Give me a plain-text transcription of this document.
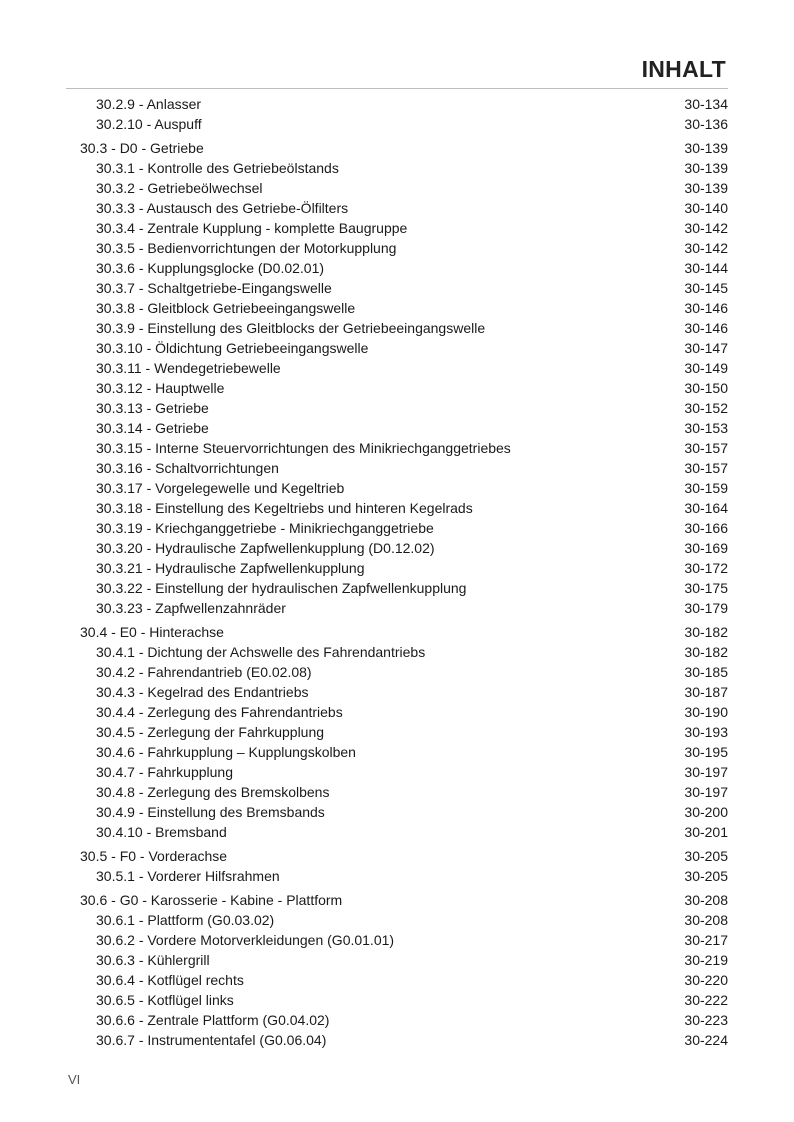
INHALT
30.2.9 - Anlasser	30-134
30.2.10 - Auspuff	30-136
30.3 - D0 - Getriebe	30-139
30.3.1 - Kontrolle des Getriebeölstands	30-139
30.3.2 - Getriebeölwechsel	30-139
30.3.3 - Austausch des Getriebe-Ölfilters	30-140
30.3.4 - Zentrale Kupplung - komplette Baugruppe	30-142
30.3.5 - Bedienvorrichtungen der Motorkupplung	30-142
30.3.6 - Kupplungsglocke (D0.02.01)	30-144
30.3.7 - Schaltgetriebe-Eingangswelle	30-145
30.3.8 - Gleitblock Getriebeeingangswelle	30-146
30.3.9 - Einstellung des Gleitblocks der Getriebeeingangswelle	30-146
30.3.10 - Öldichtung Getriebeeingangswelle	30-147
30.3.11 - Wendegetriebewelle	30-149
30.3.12 - Hauptwelle	30-150
30.3.13 - Getriebe	30-152
30.3.14 - Getriebe	30-153
30.3.15 - Interne Steuervorrichtungen des Minikriechganggetriebes	30-157
30.3.16 - Schaltvorrichtungen	30-157
30.3.17 - Vorgelegewelle und Kegeltrieb	30-159
30.3.18 - Einstellung des Kegeltriebs und hinteren Kegelrads	30-164
30.3.19 - Kriechganggetriebe - Minikriechganggetriebe	30-166
30.3.20 - Hydraulische Zapfwellenkupplung (D0.12.02)	30-169
30.3.21 - Hydraulische Zapfwellenkupplung	30-172
30.3.22 - Einstellung der hydraulischen Zapfwellenkupplung	30-175
30.3.23 - Zapfwellenzahnräder	30-179
30.4 - E0 - Hinterachse	30-182
30.4.1 - Dichtung der Achswelle des Fahrendantriebs	30-182
30.4.2 - Fahrendantrieb (E0.02.08)	30-185
30.4.3 - Kegelrad des Endantriebs	30-187
30.4.4 - Zerlegung des Fahrendantriebs	30-190
30.4.5 - Zerlegung der Fahrkupplung	30-193
30.4.6 - Fahrkupplung – Kupplungskolben	30-195
30.4.7 - Fahrkupplung	30-197
30.4.8 - Zerlegung des Bremskolbens	30-197
30.4.9 - Einstellung des Bremsbands	30-200
30.4.10 - Bremsband	30-201
30.5 - F0 - Vorderachse	30-205
30.5.1 - Vorderer Hilfsrahmen	30-205
30.6 - G0 - Karosserie - Kabine - Plattform	30-208
30.6.1 - Plattform (G0.03.02)	30-208
30.6.2 - Vordere Motorverkleidungen (G0.01.01)	30-217
30.6.3 - Kühlergrill	30-219
30.6.4 - Kotflügel rechts	30-220
30.6.5 - Kotflügel links	30-222
30.6.6 - Zentrale Plattform (G0.04.02)	30-223
30.6.7 - Instrumententafel (G0.06.04)	30-224
VI
